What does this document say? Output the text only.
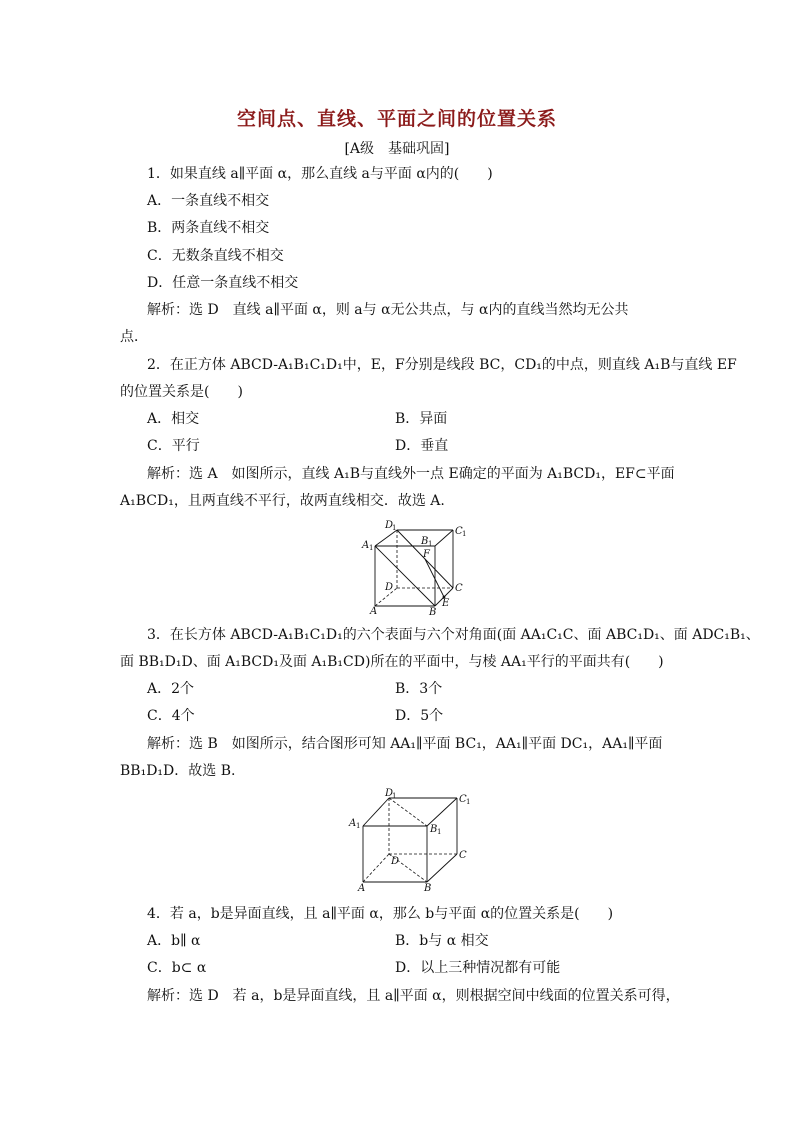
空间点、直线、平面之间的位置关系
[A级　基础巩固]
1．如果直线 a∥平面 α，那么直线 a与平面 α内的(　　)
A．一条直线不相交
B．两条直线不相交
C．无数条直线不相交
D．任意一条直线不相交
解析：选 D　直线 a∥平面 α，则 a与 α无公共点，与 α内的直线当然均无公共
点．
2．在正方体 ABCD-A₁B₁C₁D₁中，E，F分别是线段 BC，CD₁的中点，则直线 A₁B与直线 EF
的位置关系是(　　)
A．相交	B．异面
C．平行	D．垂直
解析：选 A　如图所示，直线 A₁B与直线外一点 E确定的平面为 A₁BCD₁，EF⊂平面
A₁BCD₁，且两直线不平行，故两直线相交．故选 A.
D
1	C 1
A 1
B 1
F
D	C
A	B
E
3．在长方体 ABCD-A₁B₁C₁D₁的六个表面与六个对角面(面 AA₁C₁C、面 ABC₁D₁、面 ADC₁B₁、
面 BB₁D₁D、面 A₁BCD₁及面 A₁B₁CD)所在的平面中，与棱 AA₁平行的平面共有(　　)
A．2个	B．3个
C．4个	D．5个
解析：选 B　如图所示，结合图形可知 AA₁∥平面 BC₁，AA₁∥平面 DC₁，AA₁∥平面
BB₁D₁D．故选 B.
D
1	C 1
A 1	B 1
D
C
A	B
4．若 a，b是异面直线，且 a∥平面 α，那么 b与平面 α的位置关系是(　　)
A．b∥ α	B．b与 α 相交
C．b⊂ α	D．以上三种情况都有可能
解析：选 D　若 a，b是异面直线，且 a∥平面 α，则根据空间中线面的位置关系可得，
